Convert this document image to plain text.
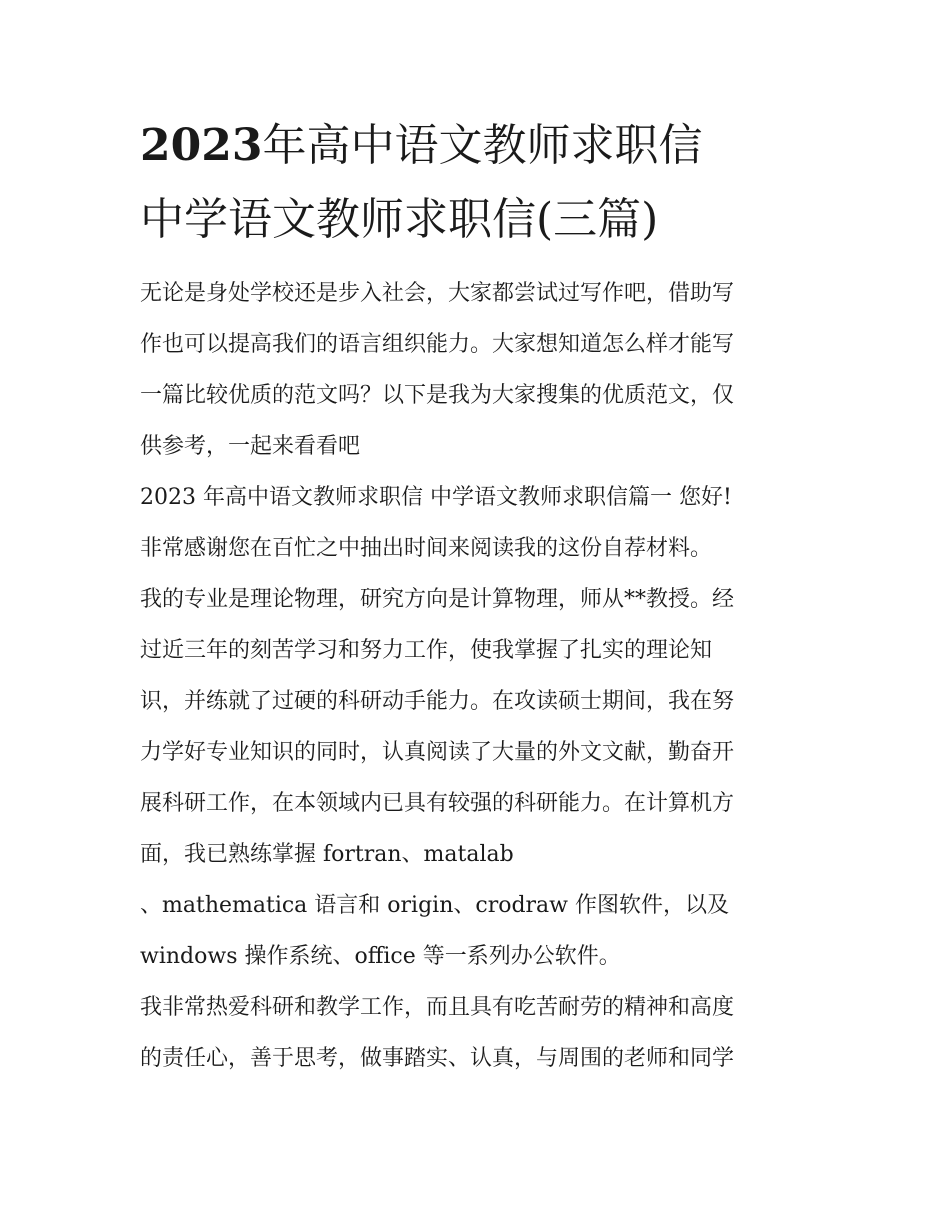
2023年高中语文教师求职信
中学语文教师求职信(三篇)
无论是身处学校还是步入社会，大家都尝试过写作吧，借助写
作也可以提高我们的语言组织能力。大家想知道怎么样才能写
一篇比较优质的范文吗？以下是我为大家搜集的优质范文，仅
供参考，一起来看看吧
2023 年高中语文教师求职信 中学语文教师求职信篇一 您好!
非常感谢您在百忙之中抽出时间来阅读我的这份自荐材料。
我的专业是理论物理，研究方向是计算物理，师从**教授。经
过近三年的刻苦学习和努力工作，使我掌握了扎实的理论知
识，并练就了过硬的科研动手能力。在攻读硕士期间，我在努
力学好专业知识的同时，认真阅读了大量的外文文献，勤奋开
展科研工作，在本领域内已具有较强的科研能力。在计算机方
面，我已熟练掌握 fortran、matalab
、mathematica 语言和 origin、crodraw 作图软件，以及
windows 操作系统、office 等一系列办公软件。
我非常热爱科研和教学工作，而且具有吃苦耐劳的精神和高度
的责任心，善于思考，做事踏实、认真，与周围的老师和同学
